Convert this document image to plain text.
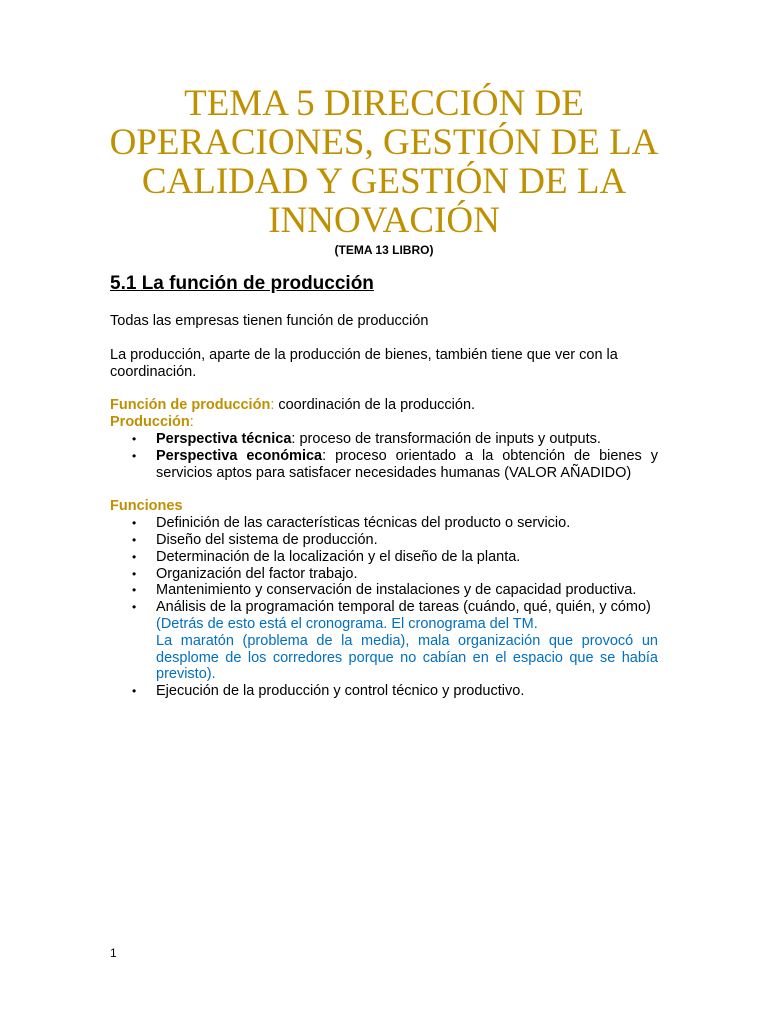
TEMA 5 DIRECCIÓN DE OPERACIONES, GESTIÓN DE LA CALIDAD Y GESTIÓN DE LA INNOVACIÓN
(TEMA 13 LIBRO)
5.1 La función de producción

Todas las empresas tienen función de producción

La producción, aparte de la producción de bienes, también tiene que ver con la coordinación.

Función de producción: coordinación de la producción.

Producción:

• Perspectiva técnica: proceso de transformación de inputs y outputs.
• Perspectiva económica: proceso orientado a la obtención de bienes y servicios aptos para satisfacer necesidades humanas (VALOR AÑADIDO)

Funciones

• Definición de las características técnicas del producto o servicio.
• Diseño del sistema de producción.
• Determinación de la localización y el diseño de la planta.
• Organización del factor trabajo.
• Mantenimiento y conservación de instalaciones y de capacidad productiva.
• Análisis de la programación temporal de tareas (cuándo, qué, quién, y cómo)
(Detrás de esto está el cronograma. El cronograma del TM.
La maratón (problema de la media), mala organización que provocó un desplome de los corredores porque no cabían en el espacio que se había previsto).
• Ejecución de la producción y control técnico y productivo.
1
